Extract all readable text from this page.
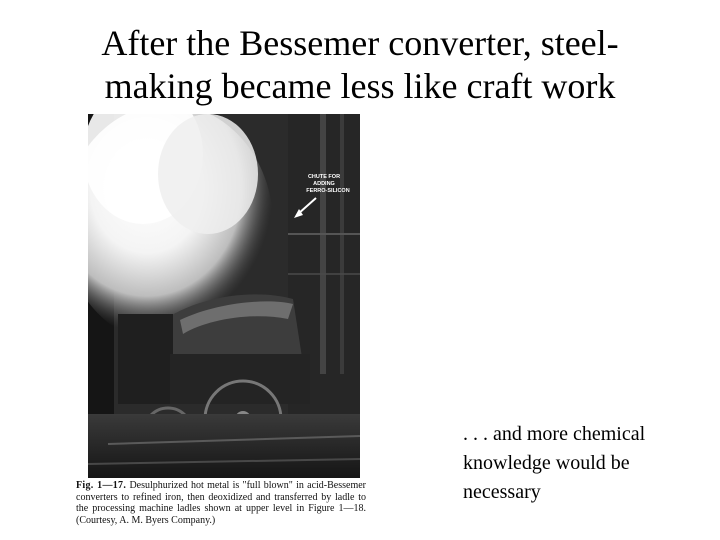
After the Bessemer converter, steel-
making became less like craft work
CHUTE FOR
ADDING
FERRO-SILICON
Fig. 1—17. Desulphurized hot metal is "full blown" in acid-Bessemer converters to refined iron, then deoxidized and transferred by ladle to the processing machine ladles shown at upper level in Figure 1—18. (Courtesy, A. M. Byers Company.)
. . . and more chemical
knowledge would be
necessary
